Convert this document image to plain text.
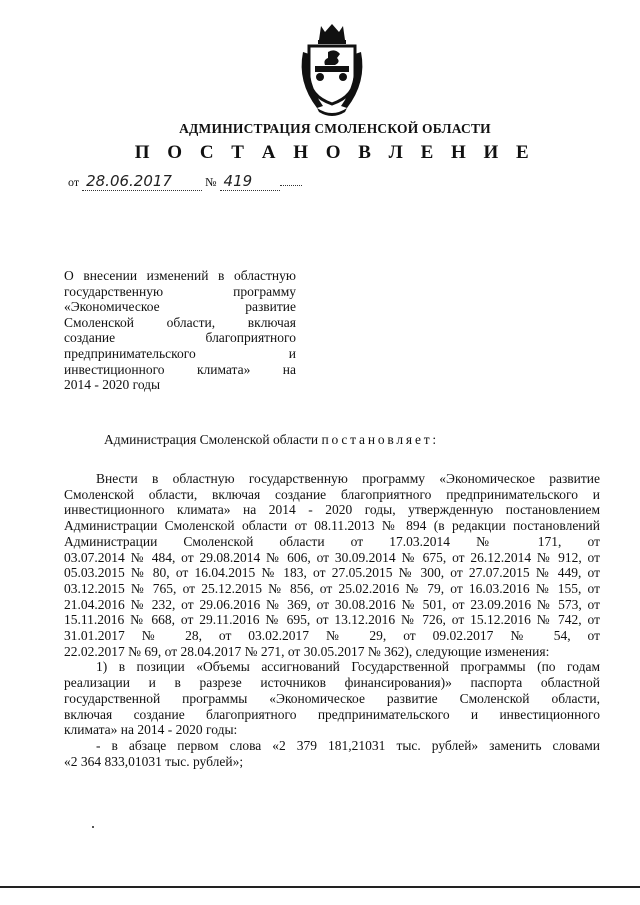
АДМИНИСТРАЦИЯ СМОЛЕНСКОЙ ОБЛАСТИ
П О С Т А Н О В Л Е Н И Е
от 28.06.2017	№ 419
О внесении изменений в областную
государственную программу
«Экономическое развитие
Смоленской области, включая
создание благоприятного
предпринимательского и
инвестиционного климата» на
2014 - 2020 годы
Администрация Смоленской области постановляет:
Внести в областную государственную программу «Экономическое развитие
Смоленской области, включая создание благоприятного предпринимательского и
инвестиционного климата» на 2014 - 2020 годы, утвержденную постановлением
Администрации Смоленской области от 08.11.2013 № 894 (в редакции постановлений
Администрации Смоленской области от 17.03.2014 № 171, от
03.07.2014 № 484, от 29.08.2014 № 606, от 30.09.2014 № 675, от 26.12.2014 № 912, от
05.03.2015 № 80, от 16.04.2015 № 183, от 27.05.2015 № 300, от 27.07.2015 № 449, от
03.12.2015 № 765, от 25.12.2015 № 856, от 25.02.2016 № 79, от 16.03.2016 № 155, от
21.04.2016 № 232, от 29.06.2016 № 369, от 30.08.2016 № 501, от 23.09.2016 № 573, от
15.11.2016 № 668, от 29.11.2016 № 695, от 13.12.2016 № 726, от 15.12.2016 № 742, от
31.01.2017 № 28, от 03.02.2017 № 29, от 09.02.2017 № 54, от
22.02.2017 № 69, от 28.04.2017 № 271, от 30.05.2017 № 362), следующие изменения:
1) в позиции «Объемы ассигнований Государственной программы (по годам
реализации и в разрезе источников финансирования)» паспорта областной
государственной программы «Экономическое развитие Смоленской области,
включая создание благоприятного предпринимательского и инвестиционного
климата» на 2014 - 2020 годы:
- в абзаце первом слова «2 379 181,21031 тыс. рублей» заменить словами
«2 364 833,01031 тыс. рублей»;
